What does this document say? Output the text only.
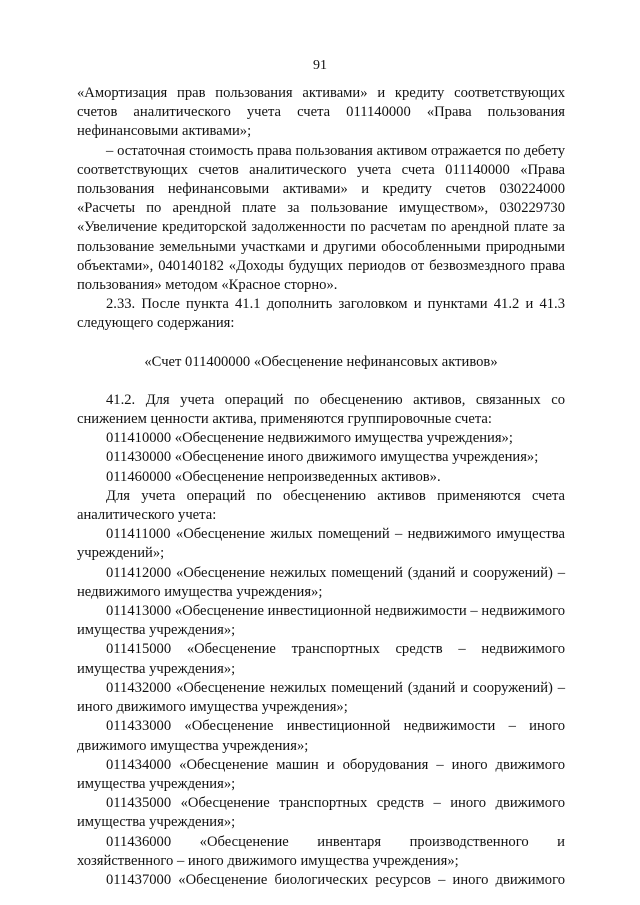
91

«Амортизация прав пользования активами» и кредиту соответствующих счетов аналитического учета счета 011140000 «Права пользования нефинансовыми активами»;

– остаточная стоимость права пользования активом отражается по дебету соответствующих счетов аналитического учета счета 011140000 «Права пользования нефинансовыми активами» и кредиту счетов 030224000 «Расчеты по арендной плате за пользование имуществом», 030229730 «Увеличение кредиторской задолженности по расчетам по арендной плате за пользование земельными участками и другими обособленными природными объектами», 040140182 «Доходы будущих периодов от безвозмездного права пользования» методом «Красное сторно».

2.33. После пункта 41.1 дополнить заголовком и пунктами 41.2 и 41.3 следующего содержания:

«Счет 011400000 «Обесценение нефинансовых активов»

41.2. Для учета операций по обесценению активов, связанных со снижением ценности актива, применяются группировочные счета:

011410000 «Обесценение недвижимого имущества учреждения»;

011430000 «Обесценение иного движимого имущества учреждения»;

011460000 «Обесценение непроизведенных активов».

Для учета операций по обесценению активов применяются счета аналитического учета:

011411000 «Обесценение жилых помещений – недвижимого имущества учреждений»;

011412000 «Обесценение нежилых помещений (зданий и сооружений) – недвижимого имущества учреждения»;

011413000 «Обесценение инвестиционной недвижимости – недвижимого имущества учреждения»;

011415000 «Обесценение транспортных средств – недвижимого имущества учреждения»;

011432000 «Обесценение нежилых помещений (зданий и сооружений) – иного движимого имущества учреждения»;

011433000 «Обесценение инвестиционной недвижимости – иного движимого имущества учреждения»;

011434000 «Обесценение машин и оборудования – иного движимого имущества учреждения»;

011435000 «Обесценение транспортных средств – иного движимого имущества учреждения»;

011436000 «Обесценение инвентаря производственного и хозяйственного – иного движимого имущества учреждения»;

011437000 «Обесценение биологических ресурсов – иного движимого
